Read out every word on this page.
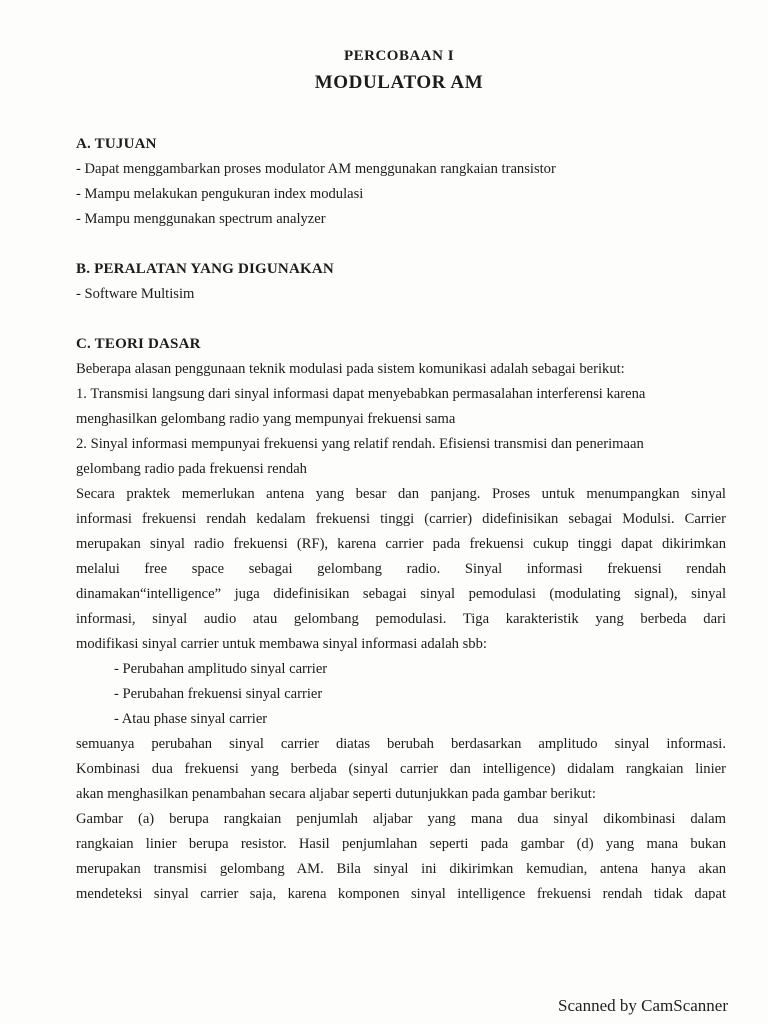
PERCOBAAN I
MODULATOR AM
A. TUJUAN
- Dapat menggambarkan proses modulator AM menggunakan rangkaian transistor
- Mampu melakukan pengukuran index modulasi
- Mampu menggunakan spectrum analyzer
B. PERALATAN YANG DIGUNAKAN
- Software Multisim
C. TEORI DASAR
Beberapa alasan penggunaan teknik modulasi pada sistem komunikasi adalah sebagai berikut:
1. Transmisi langsung dari sinyal informasi dapat menyebabkan permasalahan interferensi karena
menghasilkan gelombang radio yang mempunyai frekuensi sama
2. Sinyal informasi mempunyai frekuensi yang relatif rendah. Efisiensi transmisi dan penerimaan
gelombang radio pada frekuensi rendah
Secara praktek memerlukan antena yang besar dan panjang. Proses untuk menumpangkan sinyal
informasi frekuensi rendah kedalam frekuensi tinggi (carrier) didefinisikan sebagai Modulsi. Carrier
merupakan sinyal radio frekuensi (RF), karena carrier pada frekuensi cukup tinggi dapat dikirimkan
melalui free space sebagai gelombang radio. Sinyal informasi frekuensi rendah
dinamakan“intelligence” juga didefinisikan sebagai sinyal pemodulasi (modulating signal), sinyal
informasi, sinyal audio atau gelombang pemodulasi. Tiga karakteristik yang berbeda dari
modifikasi sinyal carrier untuk membawa sinyal informasi adalah sbb:
- Perubahan amplitudo sinyal carrier
- Perubahan frekuensi sinyal carrier
- Atau phase sinyal carrier
semuanya perubahan sinyal carrier diatas berubah berdasarkan amplitudo sinyal informasi.
Kombinasi dua frekuensi yang berbeda (sinyal carrier dan intelligence) didalam rangkaian linier
akan menghasilkan penambahan secara aljabar seperti dutunjukkan pada gambar berikut:
Gambar (a) berupa rangkaian penjumlah aljabar yang mana dua sinyal dikombinasi dalam
rangkaian linier berupa resistor. Hasil penjumlahan seperti pada gambar (d) yang mana bukan
merupakan transmisi gelombang AM. Bila sinyal ini dikirimkan kemudian, antena hanya akan
mendeteksi sinyal carrier saja, karena komponen sinyal intelligence frekuensi rendah tidak dapat
Scanned by CamScanner
